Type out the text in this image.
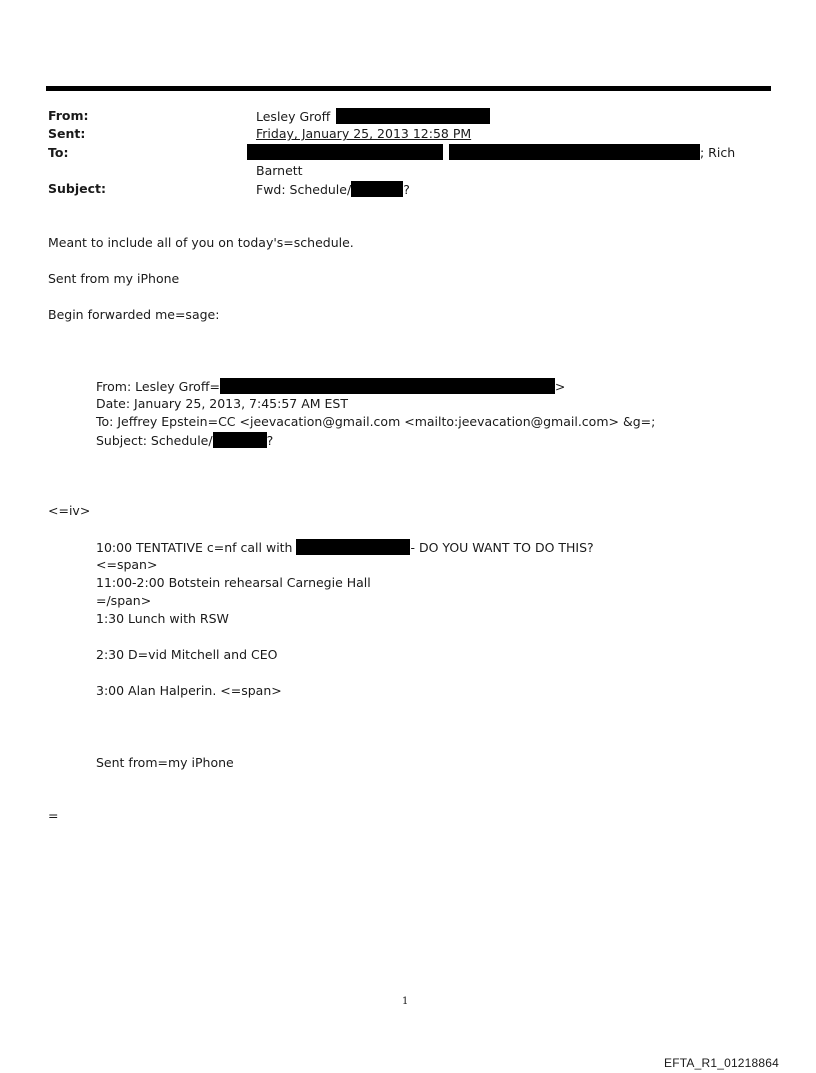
From:	Lesley Groff
Sent:	Friday, January 25, 2013 12:58 PM
To:	; Rich
Barnett
Subject:	Fwd: Schedule/	?
Meant to include all of you on today's=schedule.
Sent from my iPhone
Begin forwarded me=sage:
From: Lesley Groff=	>
Date: January 25, 2013, 7:45:57 AM EST
To: Jeffrey Epstein=CC <jeevacation@gmail.com <mailto:jeevacation@gmail.com> &g=;
Subject: Schedule/	?
<=iv>
10:00 TENTATIVE c=nf call with	- DO YOU WANT TO DO THIS?
<=span>
11:00-2:00 Botstein rehearsal Carnegie Hall
=/span>
1:30 Lunch with RSW
2:30 D=vid Mitchell and CEO
3:00 Alan Halperin. <=span>
Sent from=my iPhone
=
1
EFTA_R1_01218864
